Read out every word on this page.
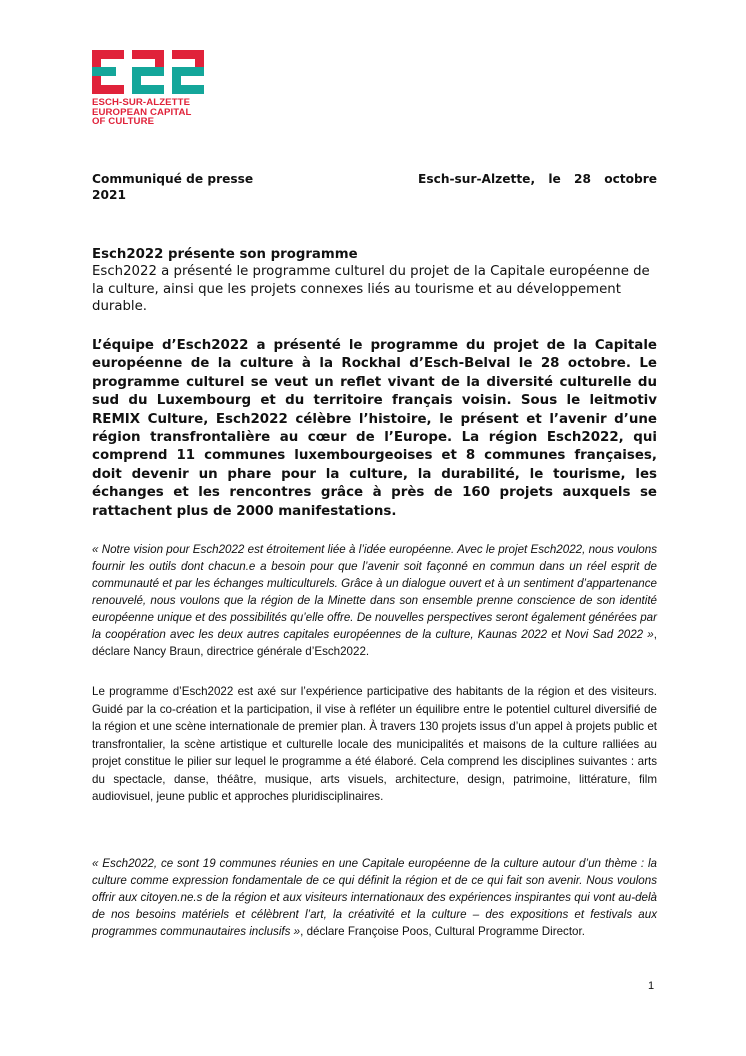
ESCH-SUR-ALZETTE
EUROPEAN CAPITAL
OF CULTURE
Communiqué de presse	Esch-sur-Alzette, le 28 octobre
2021
Esch2022 présente son programme
Esch2022 a présenté le programme culturel du projet de la Capitale européenne de la culture, ainsi que les projets connexes liés au tourisme et au développement durable.
L’équipe d’Esch2022 a présenté le programme du projet de la Capitale européenne de la culture à la Rockhal d’Esch-Belval le 28 octobre. Le programme culturel se veut un reflet vivant de la diversité culturelle du sud du Luxembourg et du territoire français voisin. Sous le leitmotiv REMIX Culture, Esch2022 célèbre l’histoire, le présent et l’avenir d’une région transfrontalière au cœur de l’Europe. La région Esch2022, qui comprend 11 communes luxembourgeoises et 8 communes françaises, doit devenir un phare pour la culture, la durabilité, le tourisme, les échanges et les rencontres grâce à près de 160 projets auxquels se rattachent plus de 2000 manifestations.
« Notre vision pour Esch2022 est étroitement liée à l’idée européenne. Avec le projet Esch2022, nous voulons fournir les outils dont chacun.e a besoin pour que l’avenir soit façonné en commun dans un réel esprit de communauté et par les échanges multiculturels. Grâce à un dialogue ouvert et à un sentiment d’appartenance renouvelé, nous voulons que la région de la Minette dans son ensemble prenne conscience de son identité européenne unique et des possibilités qu’elle offre. De nouvelles perspectives seront également générées par la coopération avec les deux autres capitales européennes de la culture, Kaunas 2022 et Novi Sad 2022 », déclare Nancy Braun, directrice générale d’Esch2022.
Le programme d’Esch2022 est axé sur l’expérience participative des habitants de la région et des visiteurs. Guidé par la co-création et la participation, il vise à refléter un équilibre entre le potentiel culturel diversifié de la région et une scène internationale de premier plan. À travers 130 projets issus d’un appel à projets public et transfrontalier, la scène artistique et culturelle locale des municipalités et maisons de la culture ralliées au projet constitue le pilier sur lequel le programme a été élaboré. Cela comprend les disciplines suivantes : arts du spectacle, danse, théâtre, musique, arts visuels, architecture, design, patrimoine, littérature, film audiovisuel, jeune public et approches pluridisciplinaires.
« Esch2022, ce sont 19 communes réunies en une Capitale européenne de la culture autour d’un thème : la culture comme expression fondamentale de ce qui définit la région et de ce qui fait son avenir. Nous voulons offrir aux citoyen.ne.s de la région et aux visiteurs internationaux des expériences inspirantes qui vont au-delà de nos besoins matériels et célèbrent l’art, la créativité et la culture – des expositions et festivals aux programmes communautaires inclusifs », déclare Françoise Poos, Cultural Programme Director.
1
